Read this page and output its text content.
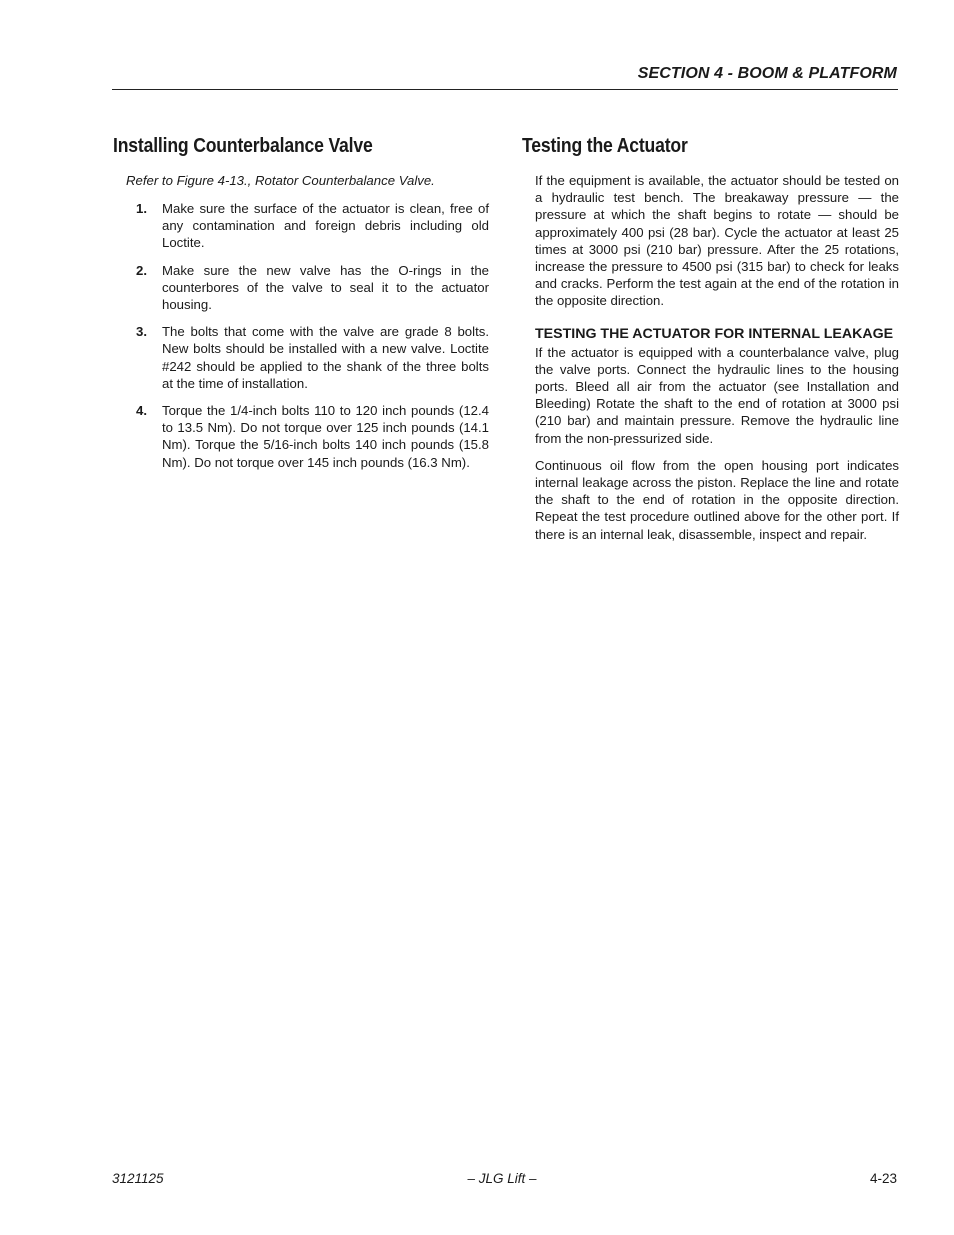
SECTION 4 - BOOM & PLATFORM
Installing Counterbalance Valve

Refer to Figure 4-13., Rotator Counterbalance Valve.

1. Make sure the surface of the actuator is clean, free of any contamination and foreign debris including old Loctite.
2. Make sure the new valve has the O-rings in the counterbores of the valve to seal it to the actuator housing.
3. The bolts that come with the valve are grade 8 bolts. New bolts should be installed with a new valve. Loctite #242 should be applied to the shank of the three bolts at the time of installation.
4. Torque the 1/4-inch bolts 110 to 120 inch pounds (12.4 to 13.5 Nm). Do not torque over 125 inch pounds (14.1 Nm). Torque the 5/16-inch bolts 140 inch pounds (15.8 Nm). Do not torque over 145 inch pounds (16.3 Nm).
Testing the Actuator

If the equipment is available, the actuator should be tested on a hydraulic test bench. The breakaway pressure — the pressure at which the shaft begins to rotate — should be approximately 400 psi (28 bar). Cycle the actuator at least 25 times at 3000 psi (210 bar) pressure. After the 25 rotations, increase the pressure to 4500 psi (315 bar) to check for leaks and cracks. Perform the test again at the end of the rotation in the opposite direction.

TESTING THE ACTUATOR FOR INTERNAL LEAKAGE

If the actuator is equipped with a counterbalance valve, plug the valve ports. Connect the hydraulic lines to the housing ports. Bleed all air from the actuator (see Installation and Bleeding) Rotate the shaft to the end of rotation at 3000 psi (210 bar) and maintain pressure. Remove the hydraulic line from the non-pressurized side.

Continuous oil flow from the open housing port indicates internal leakage across the piston. Replace the line and rotate the shaft to the end of rotation in the opposite direction. Repeat the test procedure outlined above for the other port. If there is an internal leak, disassemble, inspect and repair.

3121125	– JLG Lift –	4-23
